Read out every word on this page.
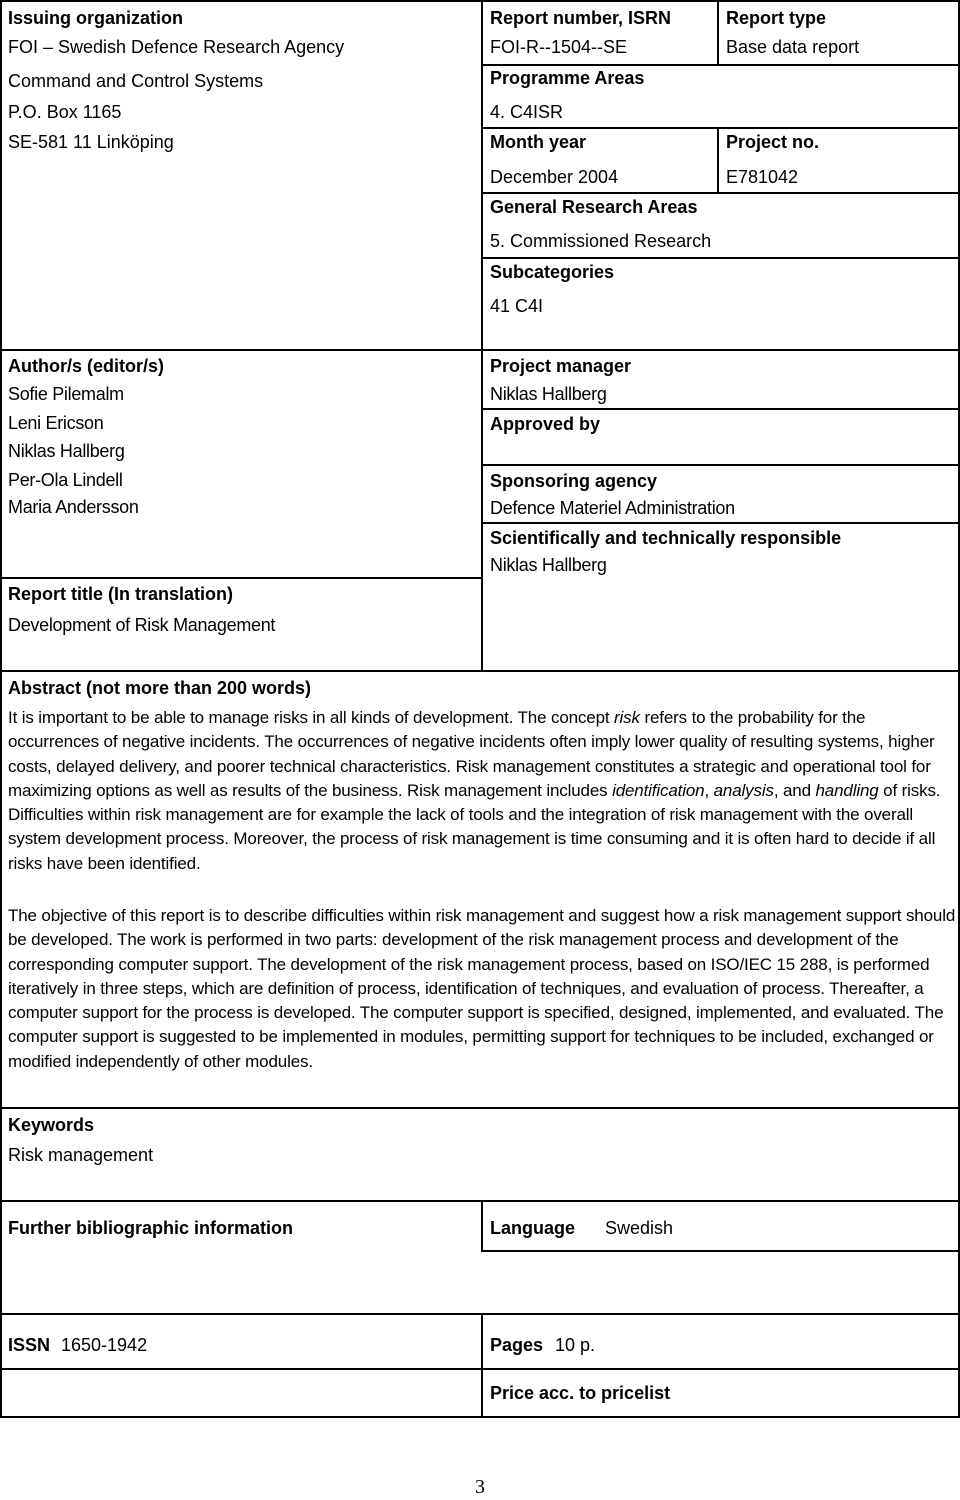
Issuing organization
FOI – Swedish Defence Research Agency
Command and Control Systems
P.O. Box 1165
SE-581 11 Linköping
Report number, ISRN
FOI-R--1504--SE
Report type
Base data report
Programme Areas
4. C4ISR
Month year
December 2004
Project no.
E781042
General Research Areas
5. Commissioned Research
Subcategories
41 C4I
Author/s (editor/s)
Sofie Pilemalm
Leni Ericson
Niklas Hallberg
Per-Ola Lindell
Maria Andersson
Project manager
Niklas Hallberg
Approved by
Sponsoring agency
Defence Materiel Administration
Scientifically and technically responsible
Niklas Hallberg
Report title (In translation)
Development of Risk Management
Abstract (not more than 200 words)
It is important to be able to manage risks in all kinds of development. The concept risk refers to the probability for the occurrences of negative incidents. The occurrences of negative incidents often imply lower quality of resulting systems, higher costs, delayed delivery, and poorer technical characteristics. Risk management constitutes a strategic and operational tool for maximizing options as well as results of the business. Risk management includes identification, analysis, and handling of risks. Difficulties within risk management are for example the lack of tools and the integration of risk management with the overall system development process. Moreover, the process of risk management is time consuming and it is often hard to decide if all risks have been identified.
The objective of this report is to describe difficulties within risk management and suggest how a risk management support should be developed. The work is performed in two parts: development of the risk management process and development of the corresponding computer support. The development of the risk management process, based on ISO/IEC 15 288, is performed iteratively in three steps, which are definition of process, identification of techniques, and evaluation of process. Thereafter, a computer support for the process is developed. The computer support is specified, designed, implemented, and evaluated. The computer support is suggested to be implemented in modules, permitting support for techniques to be included, exchanged or modified independently of other modules.
Keywords
Risk management
Further bibliographic information	Language Swedish
ISSN 1650-1942	Pages 10 p.
Price acc. to pricelist
3
